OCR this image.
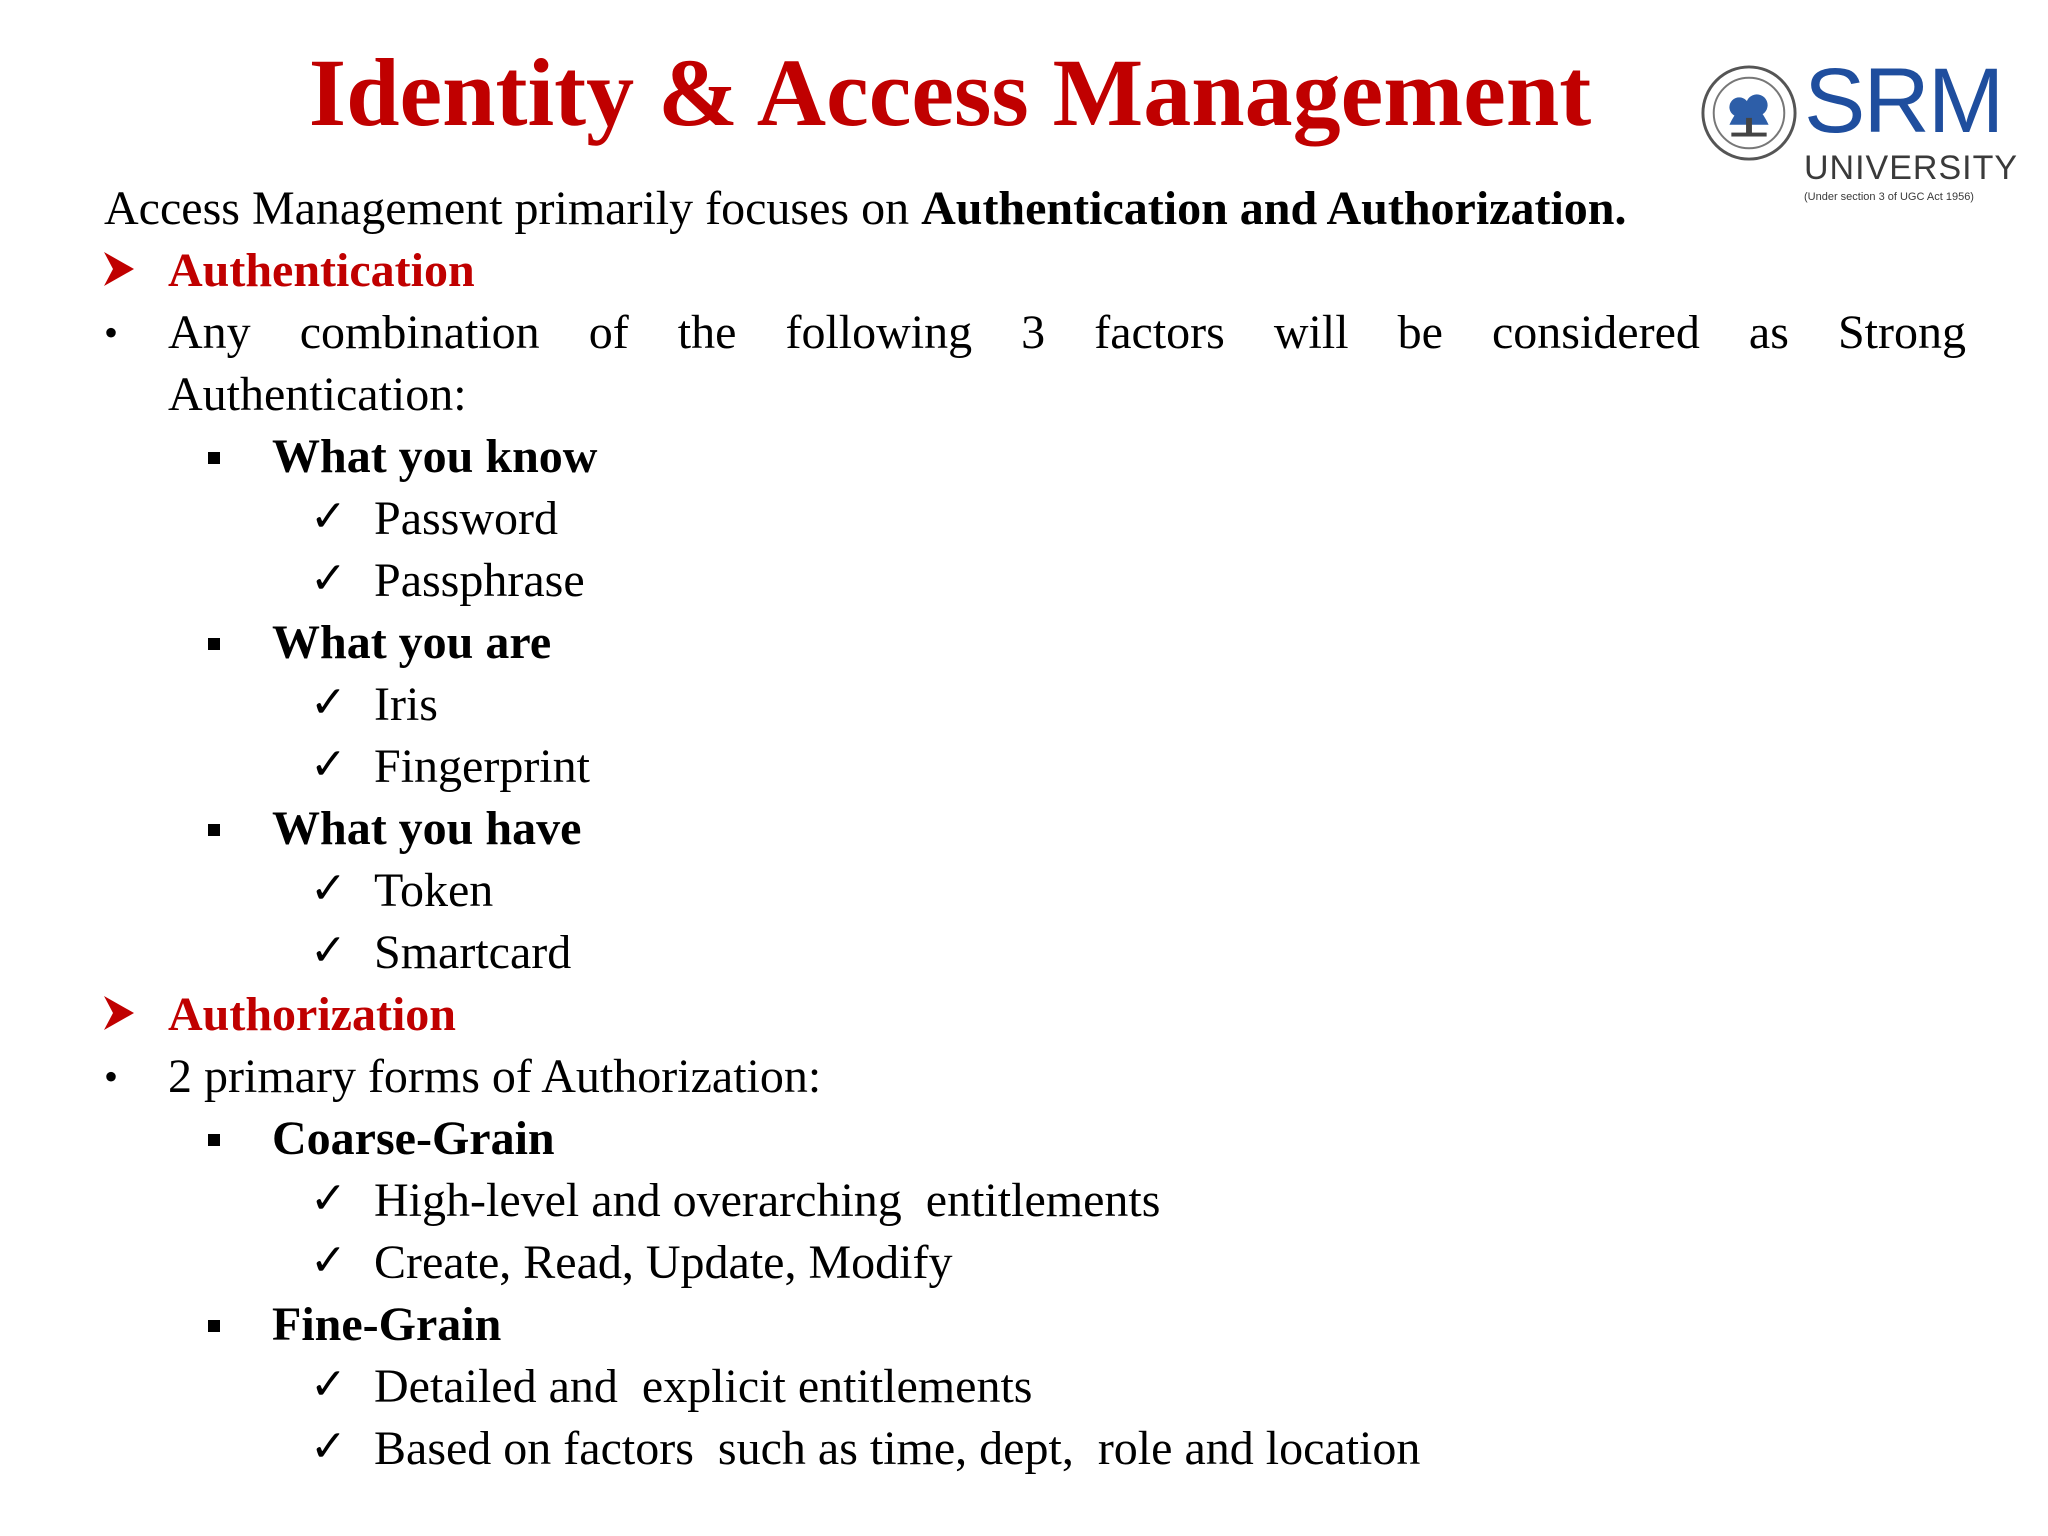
Identity & Access Management	SRM
UNIVERSITY
(Under section 3 of UGC Act 1956)
Access Management primarily focuses on Authentication and Authorization.
Authentication
• Any combination of the following 3 factors will be considered as Strong
Authentication:
What you know
✓ Password
✓ Passphrase
What you are
✓ Iris
✓ Fingerprint
What you have
✓ Token
✓ Smartcard
Authorization
• 2 primary forms of Authorization:
Coarse-Grain
✓ High-level and overarching  entitlements
✓ Create, Read, Update, Modify
Fine-Grain
✓ Detailed and  explicit entitlements
✓ Based on factors  such as time, dept,  role and location
